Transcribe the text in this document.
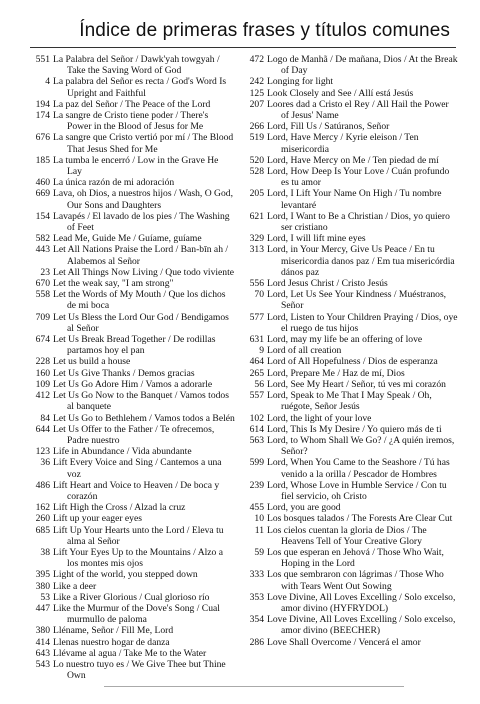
Índice de primeras frases y títulos comunes
551 La Palabra del Señor / Dawk'yah towgyah / Take the Saving Word of God
4 La palabra del Señor es recta / God's Word Is Upright and Faithful
194 La paz del Señor / The Peace of the Lord
174 La sangre de Cristo tiene poder / There's Power in the Blood of Jesus for Me
676 La sangre que Cristo vertió por mí / The Blood That Jesus Shed for Me
185 La tumba le encerró / Low in the Grave He Lay
460 La única razón de mi adoración
669 Lava, oh Dios, a nuestros hijos / Wash, O God, Our Sons and Daughters
154 Lavapés / El lavado de los pies / The Washing of Feet
582 Lead Me, Guide Me / Guíame, guíame
443 Let All Nations Praise the Lord / Ban-bīn ah / Alabemos al Señor
23 Let All Things Now Living / Que todo viviente
670 Let the weak say, "I am strong"
558 Let the Words of My Mouth / Que los dichos de mi boca
709 Let Us Bless the Lord Our God / Bendigamos al Señor
674 Let Us Break Bread Together / De rodillas partamos hoy el pan
228 Let us build a house
160 Let Us Give Thanks / Demos gracias
109 Let Us Go Adore Him / Vamos a adorarle
412 Let Us Go Now to the Banquet / Vamos todos al banquete
84 Let Us Go to Bethlehem / Vamos todos a Belén
644 Let Us Offer to the Father / Te ofrecemos, Padre nuestro
123 Life in Abundance / Vida abundante
36 Lift Every Voice and Sing / Cantemos a una voz
486 Lift Heart and Voice to Heaven / De boca y corazón
162 Lift High the Cross / Alzad la cruz
260 Lift up your eager eyes
685 Lift Up Your Hearts unto the Lord / Eleva tu alma al Señor
38 Lift Your Eyes Up to the Mountains / Alzo a los montes mis ojos
395 Light of the world, you stepped down
380 Like a deer
53 Like a River Glorious / Cual glorioso río
447 Like the Murmur of the Dove's Song / Cual murmullo de paloma
380 Lléname, Señor / Fill Me, Lord
414 Llenas nuestro hogar de danza
643 Llévame al agua / Take Me to the Water
543 Lo nuestro tuyo es / We Give Thee but Thine Own
472 Logo de Manhã / De mañana, Dios / At the Break of Day
242 Longing for light
125 Look Closely and See / Allí está Jesús
207 Loores dad a Cristo el Rey / All Hail the Power of Jesus' Name
266 Lord, Fill Us / Satúranos, Señor
519 Lord, Have Mercy / Kyrie eleison / Ten misericordia
520 Lord, Have Mercy on Me / Ten piedad de mí
528 Lord, How Deep Is Your Love / Cuán profundo es tu amor
205 Lord, I Lift Your Name On High / Tu nombre levantaré
621 Lord, I Want to Be a Christian / Dios, yo quiero ser cristiano
329 Lord, I will lift mine eyes
313 Lord, in Your Mercy, Give Us Peace / En tu misericordia danos paz / Em tua misericórdia dános paz
556 Lord Jesus Christ / Cristo Jesús
70 Lord, Let Us See Your Kindness / Muéstranos, Señor
577 Lord, Listen to Your Children Praying / Dios, oye el ruego de tus hijos
631 Lord, may my life be an offering of love
9 Lord of all creation
464 Lord of All Hopefulness / Dios de esperanza
265 Lord, Prepare Me / Haz de mí, Dios
56 Lord, See My Heart / Señor, tú ves mi corazón
557 Lord, Speak to Me That I May Speak / Oh, ruégote, Señor Jesús
102 Lord, the light of your love
614 Lord, This Is My Desire / Yo quiero más de ti
563 Lord, to Whom Shall We Go? / ¿A quién iremos, Señor?
599 Lord, When You Came to the Seashore / Tú has venido a la orilla / Pescador de Hombres
239 Lord, Whose Love in Humble Service / Con tu fiel servicio, oh Cristo
455 Lord, you are good
10 Los bosques talados / The Forests Are Clear Cut
11 Los cielos cuentan la gloria de Dios / The Heavens Tell of Your Creative Glory
59 Los que esperan en Jehová / Those Who Wait, Hoping in the Lord
333 Los que sembraron con lágrimas / Those Who with Tears Went Out Sowing
353 Love Divine, All Loves Excelling / Solo excelso, amor divino (HYFRYDOL)
354 Love Divine, All Loves Excelling / Solo excelso, amor divino (BEECHER)
286 Love Shall Overcome / Vencerá el amor
